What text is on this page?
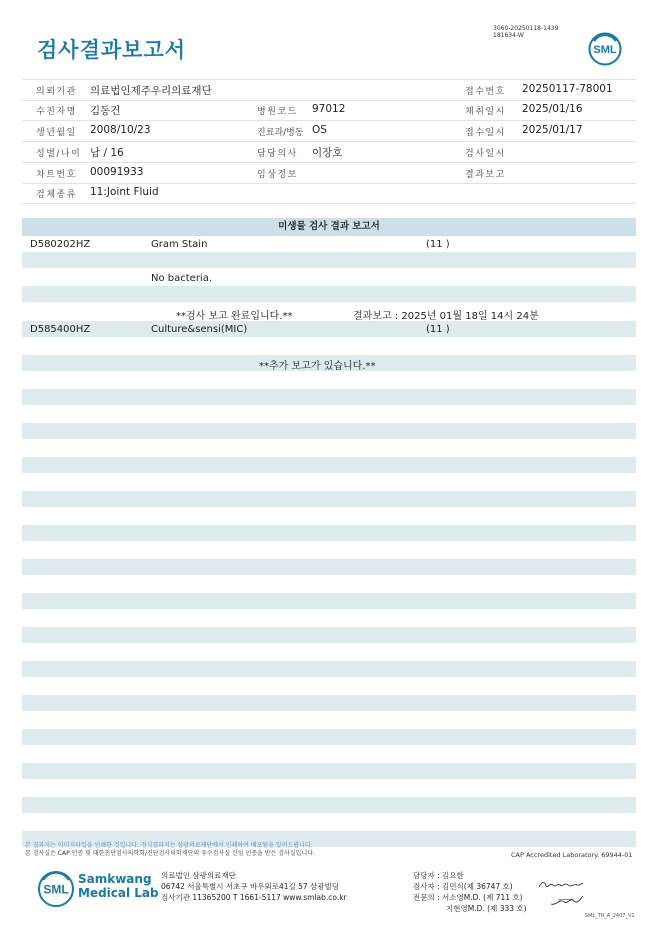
검사결과보고서
3060-20250118-1439
181634-W
SML
의뢰기관 의료법인제주우리의료재단	접수번호 20250117-78001
수진자명 김동건	병원코드 97012	채취일시 2025/01/16
생년월일 2008/10/23	진료과/병동 OS	접수일시 2025/01/17
성별/나이 남 / 16	담당의사 이장호	검사일시
차트번호 00091933	임상정보	결과보고
검체종류 11:Joint Fluid
미생물 검사 결과 보고서
D580202HZ	Gram Stain	(11 )
No bacteria.
**검사 보고 완료입니다.**	결과보고 : 2025년 01월 18일 14시 24분
D585400HZ	Culture&sensi(MIC)	(11 )
**추가 보고가 있습니다.**
본 결과지는 이미지파일을 인쇄한 것입니다. 정식결과지는 삼광의료재단에서 인쇄하여 배포됨을 알려드립니다.
본 검사실은 CAP 인증 및 대한진단검사의학회/진단검사의학재단의 우수검사실 신임 인증을 받은 검사실입니다.	CAP Accredited Laboratory. 69944-01
SML
Samkwang
Medical Lab
의료법인 삼광의료재단
06742 서울특별시 서초구 바우뫼로41길 57 삼광빌딩
검사기관 11365200 T 1661-5117 www.smlab.co.kr
담당자 : 김요한
검사자 : 김민식(제 36747 호)
전문의 : 서소영M.D. (제 711 호)
지현영M.D. (제 333 호)
SML_TR_A_2407_V1
